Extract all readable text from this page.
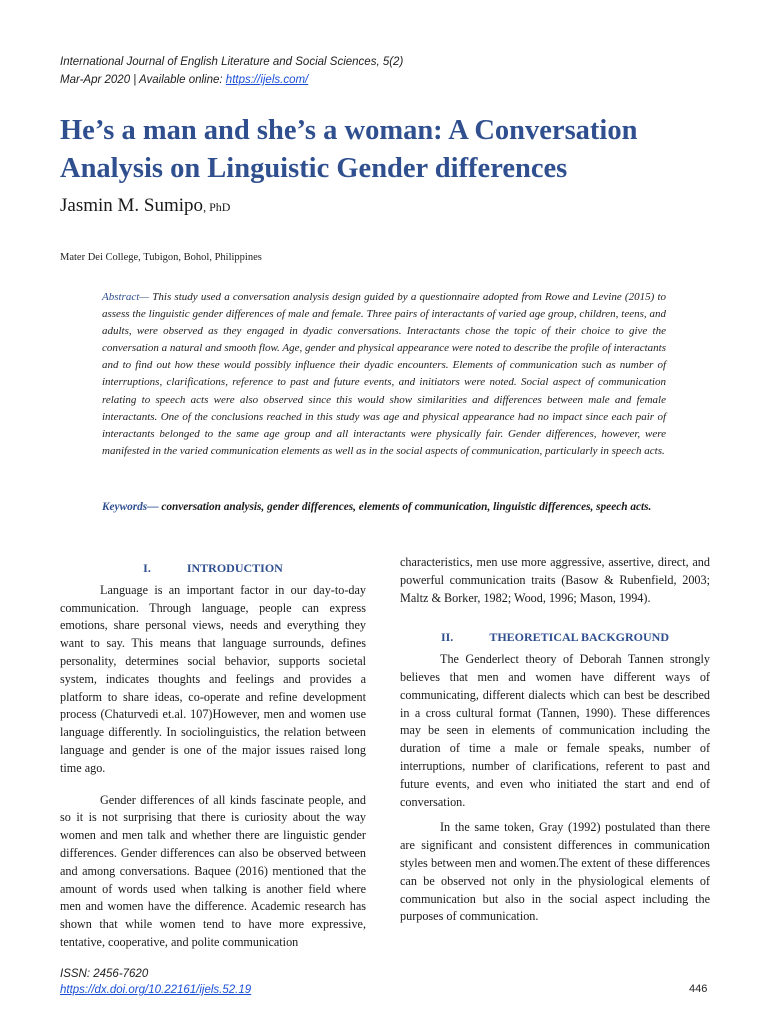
International Journal of English Literature and Social Sciences, 5(2)
Mar-Apr 2020 | Available online: https://ijels.com/
He’s a man and she’s a woman: A Conversation Analysis on Linguistic Gender differences
Jasmin M. Sumipo, PhD
Mater Dei College, Tubigon, Bohol, Philippines
Abstract— This study used a conversation analysis design guided by a questionnaire adopted from Rowe and Levine (2015) to assess the linguistic gender differences of male and female. Three pairs of interactants of varied age group, children, teens, and adults, were observed as they engaged in dyadic conversations. Interactants chose the topic of their choice to give the conversation a natural and smooth flow. Age, gender and physical appearance were noted to describe the profile of interactants and to find out how these would possibly influence their dyadic encounters. Elements of communication such as number of interruptions, clarifications, reference to past and future events, and initiators were noted. Social aspect of communication relating to speech acts were also observed since this would show similarities and differences between male and female interactants. One of the conclusions reached in this study was age and physical appearance had no impact since each pair of interactants belonged to the same age group and all interactants were physically fair. Gender differences, however, were manifested in the varied communication elements as well as in the social aspects of communication, particularly in speech acts.
Keywords— conversation analysis, gender differences, elements of communication, linguistic differences, speech acts.
I.	INTRODUCTION

Language is an important factor in our day-to-day communication. Through language, people can express emotions, share personal views, needs and everything they want to say. This means that language surrounds, defines personality, determines social behavior, supports societal system, indicates thoughts and feelings and provides a platform to share ideas, co-operate and refine development process (Chaturvedi et.al. 107)However, men and women use language differently. In sociolinguistics, the relation between language and gender is one of the major issues raised long time ago.

Gender differences of all kinds fascinate people, and so it is not surprising that there is curiosity about the way women and men talk and whether there are linguistic gender differences. Gender differences can also be observed between and among conversations. Baquee (2016) mentioned that the amount of words used when talking is another field where men and women have the difference. Academic research has shown that while women tend to have more expressive, tentative, cooperative, and polite communication

characteristics, men use more aggressive, assertive, direct, and powerful communication traits (Basow & Rubenfield, 2003; Maltz & Borker, 1982; Wood, 1996; Mason, 1994).

II.	THEORETICAL BACKGROUND

The Genderlect theory of Deborah Tannen strongly believes that men and women have different ways of communicating, different dialects which can best be described in a cross cultural format (Tannen, 1990). These differences may be seen in elements of communication including the duration of time a male or female speaks, number of interruptions, number of clarifications, referent to past and future events, and even who initiated the start and end of conversation.

In the same token, Gray (1992) postulated than there are significant and consistent differences in communication styles between men and women.The extent of these differences can be observed not only in the physiological elements of communication but also in the social aspect including the purposes of communication.

ISSN: 2456-7620
https://dx.doi.org/10.22161/ijels.52.19	446
